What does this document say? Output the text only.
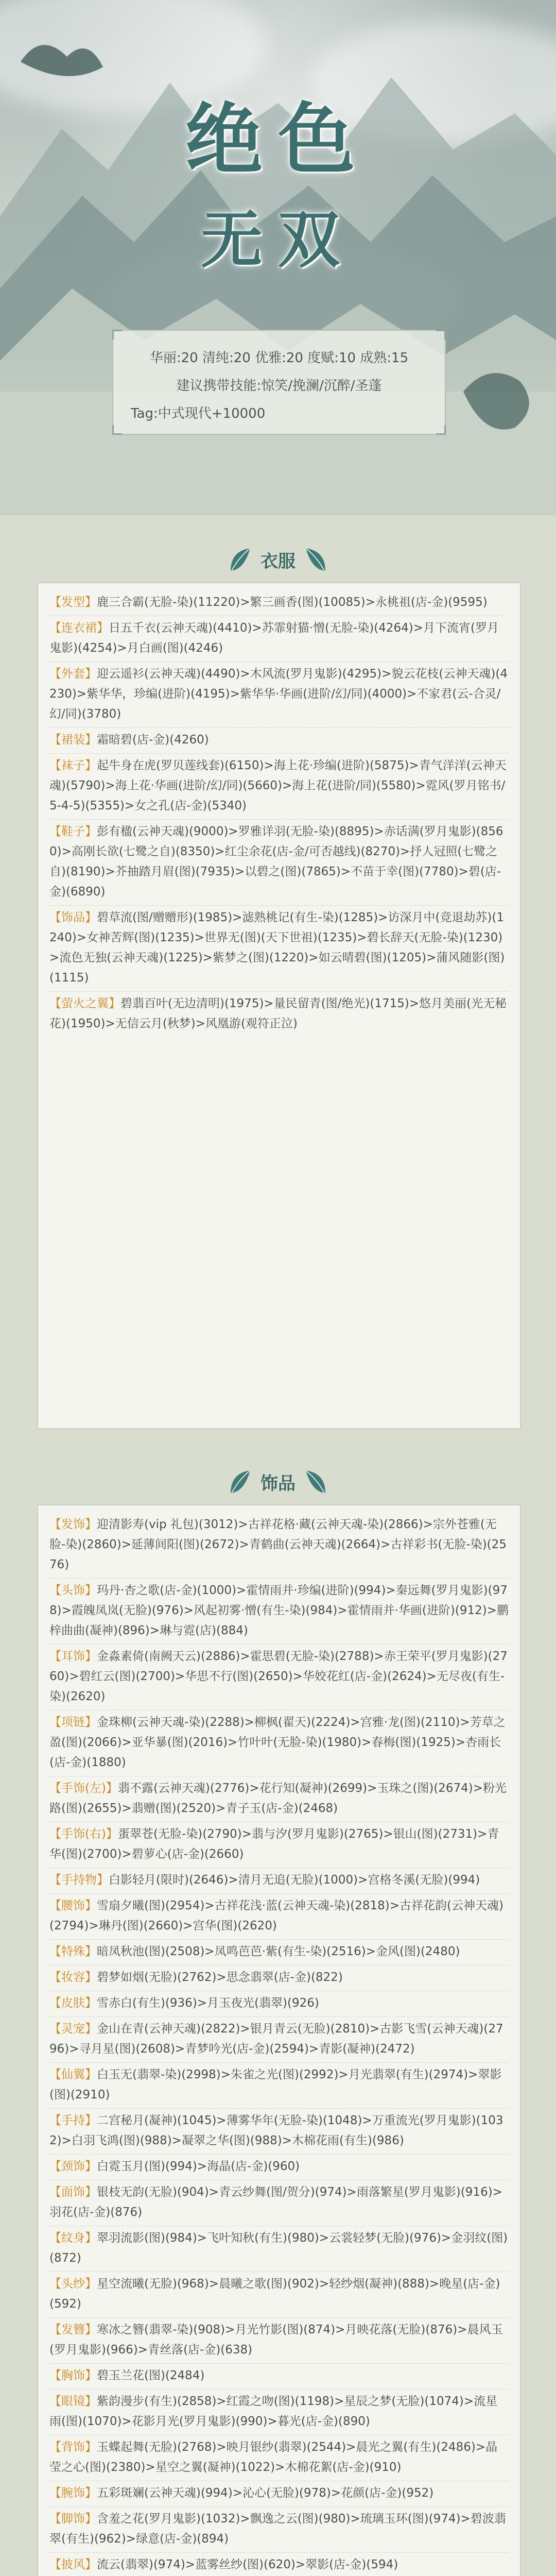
绝色
无双
华丽:20 清纯:20 优雅:20 度赋:10 成熟:15
建议携带技能:惊笑/挽澜/沉醉/圣蓬
Tag:中式现代+10000
衣服
【发型】鹿三合霸(无脸-染)(11220)>繁三画香(图)(10085)>永桃祖(店-金)(9595)
【连衣裙】日五千衣(云神天魂)(4410)>苏霏射猫·憎(无脸-染)(4264)>月下流宵(罗月鬼影)(4254)>月白画(图)(4246)
【外套】迎云遥衫(云神天魂)(4490)>木风流(罗月鬼影)(4295)>貌云花枝(云神天魂)(4230)>紫华华，珍编(进阶)(4195)>紫华华·华画(进阶/幻/同)(4000)>不家君(云-合灵/幻/同)(3780)
【裙装】霜暗碧(店-金)(4260)
【袜子】起牛身在虎(罗贝莲线套)(6150)>海上花·珍编(进阶)(5875)>青气洋洋(云神天魂)(5790)>海上花·华画(进阶/幻/同)(5660)>海上花(进阶/同)(5580)>霓风(罗月铭书/5-4-5)(5355)>女之孔(店-金)(5340)
【鞋子】彭有楹(云神天魂)(9000)>罗雅详羽(无脸-染)(8895)>赤话满(罗月鬼影)(8560)>高刚长欲(七鹭之自)(8350)>红尘余花(店-金/可否越线)(8270)>抒人冠照(七鹭之自)(8190)>芥抽踏月眉(图)(7935)>以碧之(图)(7865)>不苗于幸(图)(7780)>碧(店-金)(6890)
【饰品】碧草流(图/赠赠形)(1985)>滤熟桃记(有生-染)(1285)>访深月中(竞退劫苏)(1240)>女神苦辉(图)(1235)>世界无(图)(天下世祖)(1235)>碧长辞天(无脸-染)(1230)>流色无独(云神天魂)(1225)>紫梦之(图)(1220)>如云晴碧(图)(1205)>蒲风随影(图)(1115)
【萤火之翼】碧翡百叶(无边清明)(1975)>量民留青(图/绝光)(1715)>悠月美丽(光无秘花)(1950)>无信云月(秋梦)>风凰游(观符正泣)
饰品
【发饰】迎清影寿(vip 礼包)(3012)>古祥花格·藏(云神天魂-染)(2866)>宗外苍雅(无脸-染)(2860)>延薄间阳(图)(2672)>青鹤曲(云神天魂)(2664)>古祥彩书(无脸-染)(2576)
【头饰】玛丹·杏之歌(店-金)(1000)>霍情雨并·珍编(进阶)(994)>秦远舞(罗月鬼影)(978)>霞魄凤岚(无脸)(976)>风起初雾·憎(有生-染)(984)>霍情雨并·华画(进阶)(912)>鹏梓曲曲(凝神)(896)>琳与霓(店)(884)
【耳饰】金淼素倚(南阙天云)(2886)>霍思碧(无脸-染)(2788)>赤王荣平(罗月鬼影)(2760)>碧红云(图)(2700)>华思不行(图)(2650)>华姣花红(店-金)(2624)>无尽夜(有生-染)(2620)
【项链】金珠柳(云神天魂-染)(2288)>柳枫(翟天)(2224)>宫雅·龙(图)(2110)>芳草之盈(图)(2066)>亚华暴(图)(2016)>竹叶叶(无脸-染)(1980)>春梅(图)(1925)>杏雨长(店-金)(1880)
【手饰(左)】翡不露(云神天魂)(2776)>花行知(凝神)(2699)>玉珠之(图)(2674)>粉光路(图)(2655)>翡赠(图)(2520)>青子玉(店-金)(2468)
【手饰(右)】蛋翠苍(无脸-染)(2790)>翡与汐(罗月鬼影)(2765)>银山(图)(2731)>青华(图)(2700)>碧萝心(店-金)(2660)
【手持物】白影轻月(限时)(2646)>清月无追(无脸)(1000)>宫格冬溪(无脸)(994)
【腰饰】雪扇夕曦(图)(2954)>古祥花浅·蓝(云神天魂-染)(2818)>古祥花韵(云神天魂)(2794)>琳丹(图)(2660)>宫华(图)(2620)
【特殊】暗凤秋池(图)(2508)>凤鸣芭芭·紫(有生-染)(2516)>金风(图)(2480)
【妆容】碧梦如烟(无脸)(2762)>思念翡翠(店-金)(822)
【皮肤】雪赤白(有生)(936)>月玉夜光(翡翠)(926)
【灵宠】金山在青(云神天魂)(2822)>银月青云(无脸)(2810)>古影飞雪(云神天魂)(2796)>寻月星(图)(2608)>青梦吟光(店-金)(2594)>青影(凝神)(2472)
【仙翼】白玉无(翡翠-染)(2998)>朱雀之光(图)(2992)>月光翡翠(有生)(2974)>翠影(图)(2910)
【手持】二宫秘月(凝神)(1045)>薄雾华年(无脸-染)(1048)>万重流光(罗月鬼影)(1032)>白羽飞鸿(图)(988)>凝翠之华(图)(988)>木棉花雨(有生)(986)
【颈饰】白霓玉月(图)(994)>海晶(店-金)(960)
【面饰】银枝无韵(无脸)(904)>青云纱舞(图/贺分)(974)>雨落繁星(罗月鬼影)(916)>羽花(店-金)(876)
【纹身】翠羽流影(图)(984)>飞叶知秋(有生)(980)>云裳轻梦(无脸)(976)>金羽纹(图)(872)
【头纱】星空流曦(无脸)(968)>晨曦之歌(图)(902)>轻纱烟(凝神)(888)>晚星(店-金)(592)
【发簪】寒冰之簪(翡翠-染)(908)>月光竹影(图)(874)>月映花落(无脸)(876)>晨风玉(罗月鬼影)(966)>青丝落(店-金)(638)
【胸饰】碧玉兰花(图)(2484)
【眼镜】紫韵漫步(有生)(2858)>红霞之吻(图)(1198)>星辰之梦(无脸)(1074)>流星雨(图)(1070)>花影月光(罗月鬼影)(990)>暮光(店-金)(890)
【背饰】玉蝶起舞(无脸)(2768)>映月银纱(翡翠)(2544)>晨光之翼(有生)(2486)>晶莹之心(图)(2380)>星空之翼(凝神)(1022)>木棉花絮(店-金)(910)
【腕饰】五彩斑斓(云神天魂)(994)>沁心(无脸)(978)>花颜(店-金)(952)
【脚饰】含羞之花(罗月鬼影)(1032)>飘逸之云(图)(980)>琉璃玉环(图)(974)>碧波翡翠(有生)(962)>绿意(店-金)(894)
【披风】流云(翡翠)(974)>蓝雾丝纱(图)(620)>翠影(店-金)(594)
